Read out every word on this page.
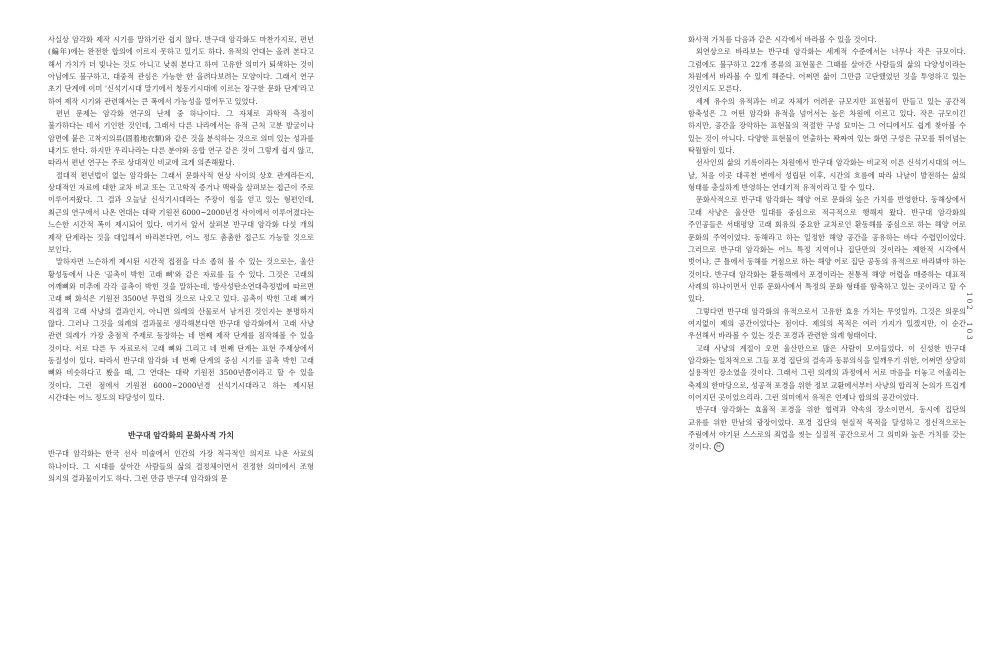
사실상 암각화 제작 시기를 말하기란 쉽지 않다. 반구대 암각화도 마찬가지로, 편년(編年)에는 완전한 합의에 이르지 못하고 있기도 하다. 유적의 연대는 올려 본다고 해서 가치가 더 빛나는 것도 아니고 낮춰 본다고 하여 고유한 의미가 퇴색하는 것이 아님에도 불구하고, 대중적 관심은 가능한 한 올려다보려는 모양이다. 그래서 연구 초기 단계에 이미 '신석기시대 말기에서 청동기시대에 이르는 장구한 문화 단계'라고 하여 제작 시기와 관련해서는 큰 폭에서 가능성을 열어두고 있었다.

편년 문제는 암각화 연구의 난제 중 하나이다. 그 자체로 과학적 측정이 불가하다는 데서 기인한 것인데, 그래서 다른 나라에서는 유적 근처 고분 발굴이나 암면에 붙은 고착지의류(固着地衣類)와 같은 것을 분석하는 것으로 의미 있는 성과를 내기도 한다. 하지만 우리나라는 다른 분야와 응합 연구 같은 것이 그렇게 쉽지 않고, 따라서 편년 연구는 주로 상대적인 비교에 크게 의존해왔다.

절대적 편년법이 없는 암각화는 그래서 문화사적 현상 사이의 상호 관계라든지, 상대적인 자료에 대한 교차 비교 또는 고고학적 증거나 맥락을 살펴보는 접근이 주로 이루어져왔다. 그 결과 오늘날 신석기시대라는 주장이 힘을 얻고 있는 형편인데, 최근의 연구에서 나온 연대는 대략 기원전 6000~2000년경 사이에서 이루어졌다는 느슨한 시간적 폭이 제시되어 있다. 여기서 앞서 살펴본 반구대 암각화 다섯 개의 제작 단계라는 것을 대입해서 바라본다면, 어느 정도 촘촘한 접근도 가능할 것으로 보인다.

말하자면 느슨하게 제시된 시간적 접점을 다소 좁혀 볼 수 있는 것으로는, 울산 황성동에서 나온 '골촉이 박힌 고래 뼈'와 같은 자료를 들 수 있다. 그것은 고래의 어깨뼈와 미추에 각각 골촉이 박힌 것을 말하는데, 방사성탄소연대측정법에 따르면 고래 뼈 화석은 기원전 3500년 무렵의 것으로 나오고 있다. 골촉이 박힌 고래 뼈가 직접적 고래 사냥의 결과인지, 아니면 의례의 산물로서 남겨진 것인지는 분명하지 않다. 그러나 그것을 의례의 결과물로 생각해본다면 반구대 암각화에서 고래 사냥 관련 의례가 가장 충점적 주제로 등장하는 네 번째 제작 단계를 짐작해볼 수 있을 것이다. 서로 다른 두 자료로서 고래 뼈와 그리고 네 번째 단계는 표현 주제상에서 동질성이 있다. 따라서 반구대 암각화 네 번째 단계의 중심 시기를 골촉 박힌 고래 뼈와 비슷하다고 봤을 때, 그 연대는 대략 기원전 3500년쯤이라고 할 수 있을 것이다. 그런 점에서 기원전 6000~2000년경 신석기시대라고 하는 제시된 시간대는 어느 정도의 타당성이 있다.

반구대 암각화의 문화사적 가치

반구대 암각화는 한국 선사 미술에서 인간의 가장 적극적인 의지로 나온 사료의 하나이다. 그 시대를 살아간 사람들의 삶의 결정체이면서 진정한 의미에서 조형 의지의 결과물이기도 하다. 그런 만큼 반구대 암각화의 문

화사적 가치를 다음과 같은 시각에서 바라볼 수 있을 것이다.

외연상으로 바라보는 반구대 암각화는 세계적 수준에서는 너무나 작은 규모이다. 그럼에도 불구하고 22개 종류의 표현물은 그때를 살아간 사람들의 삶의 다양성이라는 차원에서 바라볼 수 있게 해준다. 어쩌면 삶이 그만큼 고단했었던 것을 투영하고 있는 것인지도 모른다.

세계 유수의 유적과는 비교 자체가 어려운 규모지만 표현물이 만들고 있는 공간적 함축성은 그 어떤 암각화 유적을 넘어서는 높은 차원에 이르고 있다. 작은 규모이긴 하지만, 공간을 장악하는 표현물의 적절한 구성 묘미는 그 어디에서도 쉽게 찾아볼 수 있는 것이 아니다. 다양한 표현물이 연출하는 꽉짜여 있는 화면 구성은 규모를 뛰어넘는 탁월함이 있다.

선사인의 삶의 기록이라는 차원에서 반구대 암각화는 비교적 이른 신석기시대의 어느 날, 처음 이곳 대곡천 변에서 성립된 이후, 시간의 흐름에 따라 나날이 발전하는 삶의 형태를 충실하게 반영하는 연대기적 유적이라고 할 수 있다.

문화사적으로 반구대 암각화는 해양 어로 문화의 높은 가치를 반영한다. 동해상에서 고래 사냥은 울산만 일대를 중심으로 적극적으로 행해져 왔다. 반구대 암각화의 주인공들은 서태평양 고래 회유의 중요한 교차로인 환동해를 중심으로 하는 해양 어로 문화의 주역이었다. 동해라고 하는 일정한 해양 공간을 공유하는 바다 수렵민이었다. 그러므로 반구대 암각화는 어느 특정 지역이나 집단만의 것이라는 제한적 시각에서 벗어나, 큰 틀에서 동해를 거점으로 하는 해양 어로 집단 공동의 유적으로 바라봐야 하는 것이다. 반구대 암각화는 환동해에서 포경이라는 전통적 해양 어렵을 매증하는 대표적 사례의 하나이면서 인류 문화사에서 특정의 문화 형태를 함축하고 있는 곳이라고 할 수 있다.

그렇다면 반구대 암각화의 유적으로서 고유한 효용 가치는 무엇일까. 그것은 의문의 여지없이 제의 공간이었다는 점이다. 제의의 목적은 여러 가지가 있겠지만, 이 순간 우선해서 바라볼 수 있는 것은 포경과 관련한 의례 형태이다.

고래 사냥의 계절이 오면 울산만으로 많은 사람이 모여들었다. 이 신성한 반구대 암각화는 일차적으로 그들 포경 집단의 결속과 동류의식을 일깨우기 위한, 어쩌면 상당히 실용적인 장소였을 것이다. 그래서 그런 의례의 과정에서 서로 마음을 터놓고 어울리는 축제의 한마당으로, 성공적 포경을 위한 정보 교환에서부터 사냥의 합리적 논의가 뜨겁게 이어지던 곳이었으리라. 그런 의미에서 유적은 언제나 합의의 공간이었다.

반구대 암각화는 효율적 포경을 위한 협력과 약속의 장소이면서, 동시에 집단의 교유를 위한 만남의 광장이었다. 포경 집단의 현실적 목적을 달성하고 정신적으로는 주림에서 야기된 스스로의 죄업을 씻는 실질적 공간으로서 그 의미와 높은 가치를 갖는 것이다. ㉤

102 103
